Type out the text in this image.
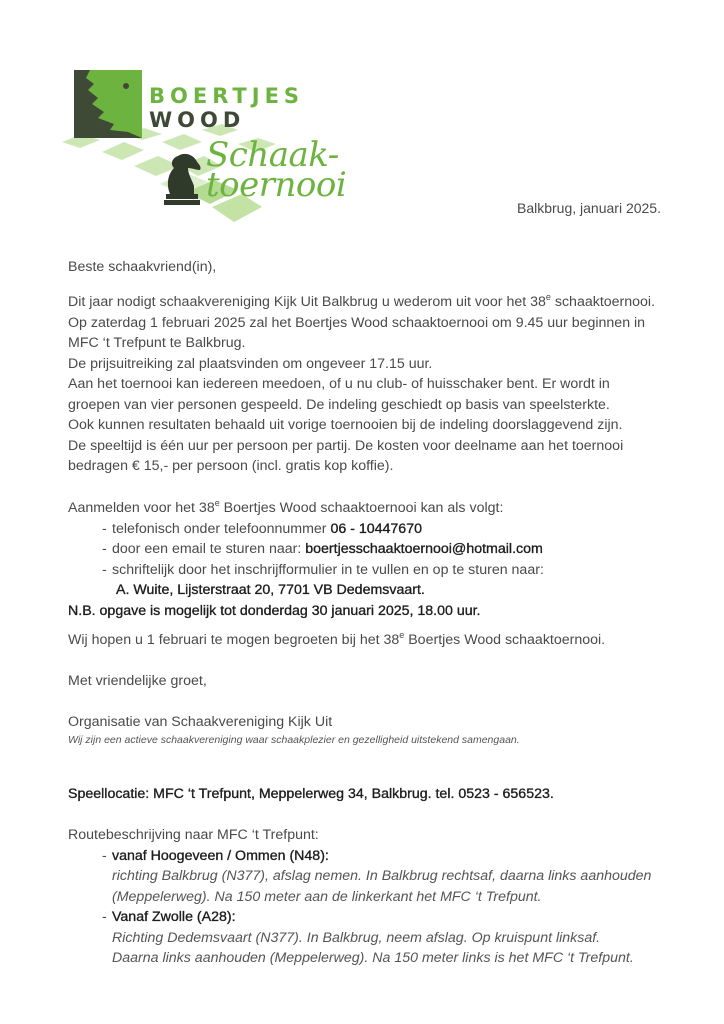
BOERTJES
WOOD
Schaak-
toernooi
Balkbrug, januari 2025.

Beste schaakvriend(in),

Dit jaar nodigt schaakvereniging Kijk Uit Balkbrug u wederom uit voor het 38e schaaktoernooi.

Op zaterdag 1 februari 2025 zal het Boertjes Wood schaaktoernooi om 9.45 uur beginnen in

MFC ‘t Trefpunt te Balkbrug.

De prijsuitreiking zal plaatsvinden om ongeveer 17.15 uur.

Aan het toernooi kan iedereen meedoen, of u nu club- of huisschaker bent. Er wordt in

groepen van vier personen gespeeld. De indeling geschiedt op basis van speelsterkte.

Ook kunnen resultaten behaald uit vorige toernooien bij de indeling doorslaggevend zijn.

De speeltijd is één uur per persoon per partij. De kosten voor deelname aan het toernooi

bedragen € 15,- per persoon (incl. gratis kop koffie).

Aanmelden voor het 38e Boertjes Wood schaaktoernooi kan als volgt:

- telefonisch onder telefoonnummer 06 - 10447670
- door een email te sturen naar: boertjesschaaktoernooi@hotmail.com
- schriftelijk door het inschrijfformulier in te vullen en op te sturen naar:

A. Wuite, Lijsterstraat 20, 7701 VB Dedemsvaart.

N.B. opgave is mogelijk tot donderdag 30 januari 2025, 18.00 uur.

Wij hopen u 1 februari te mogen begroeten bij het 38e Boertjes Wood schaaktoernooi.

Met vriendelijke groet,

Organisatie van Schaakvereniging Kijk Uit

Wij zijn een actieve schaakvereniging waar schaakplezier en gezelligheid uitstekend samengaan.

Speellocatie: MFC ‘t Trefpunt, Meppelerweg 34, Balkbrug. tel. 0523 - 656523.

Routebeschrijving naar MFC ‘t Trefpunt:

- vanaf Hoogeveen / Ommen (N48):
richting Balkbrug (N377), afslag nemen. In Balkbrug rechtsaf, daarna links aanhouden
(Meppelerweg). Na 150 meter aan de linkerkant het MFC ‘t Trefpunt.
- Vanaf Zwolle (A28):
Richting Dedemsvaart (N377). In Balkbrug, neem afslag. Op kruispunt linksaf.
Daarna links aanhouden (Meppelerweg). Na 150 meter links is het MFC ‘t Trefpunt.
